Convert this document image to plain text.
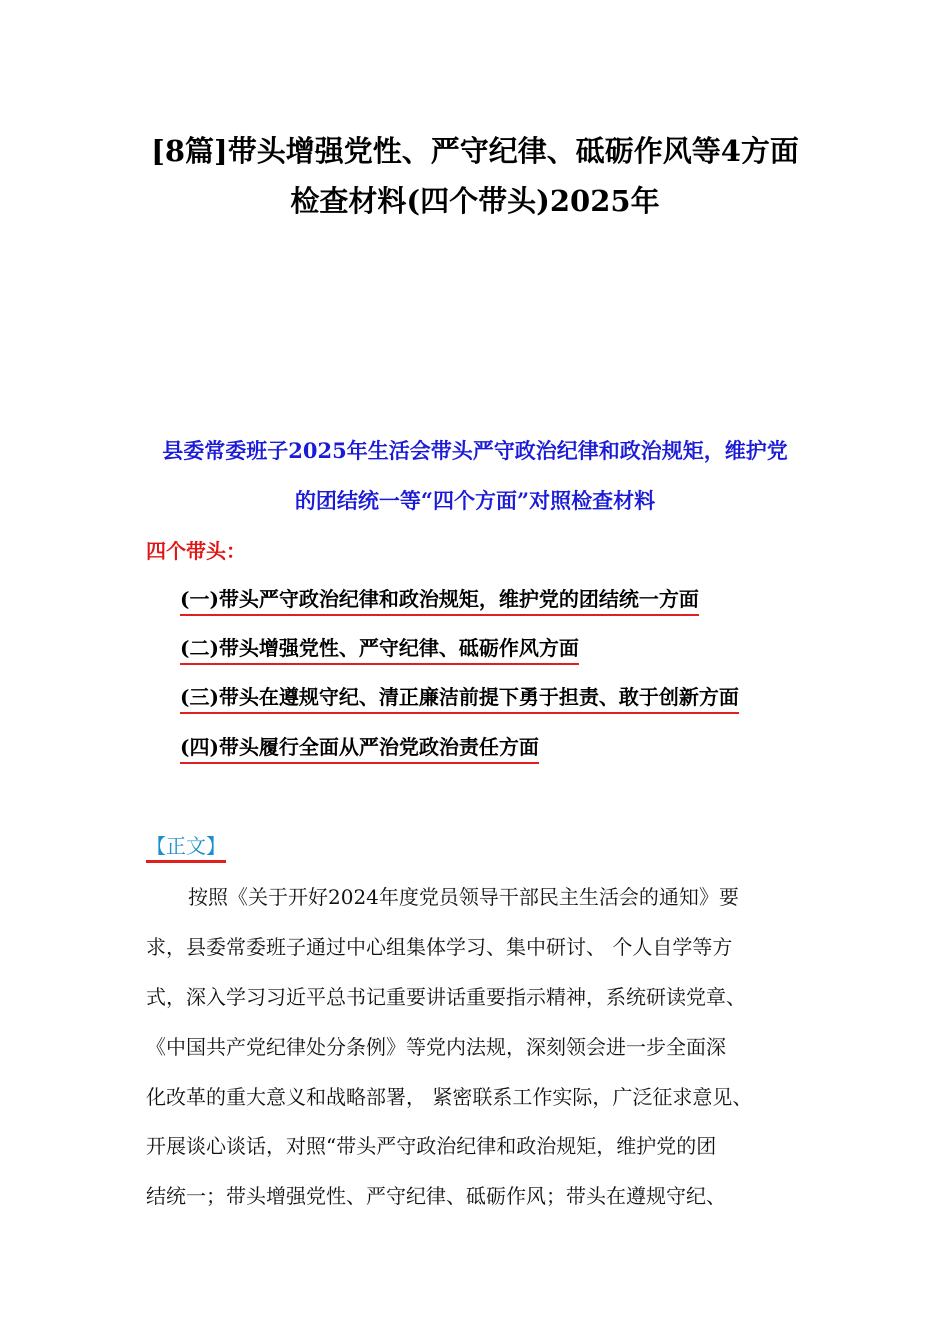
[8篇]带头增强党性、严守纪律、砥砺作风等4方面
检查材料(四个带头)2025年
县委常委班子2025年生活会带头严守政治纪律和政治规矩，维护党
的团结统一等“四个方面”对照检查材料
四个带头：
(一)带头严守政治纪律和政治规矩，维护党的团结统一方面
(二)带头增强党性、严守纪律、砥砺作风方面
(三)带头在遵规守纪、清正廉洁前提下勇于担责、敢于创新方面
(四)带头履行全面从严治党政治责任方面
【正文】
按照《关于开好2024年度党员领导干部民主生活会的通知》要
求，县委常委班子通过中心组集体学习、集中研讨、 个人自学等方
式，深入学习习近平总书记重要讲话重要指示精神，系统研读党章、
《中国共产党纪律处分条例》等党内法规，深刻领会进一步全面深
化改革的重大意义和战略部署， 紧密联系工作实际，广泛征求意见、
开展谈心谈话，对照“带头严守政治纪律和政治规矩，维护党的团
结统一；带头增强党性、严守纪律、砥砺作风；带头在遵规守纪、
